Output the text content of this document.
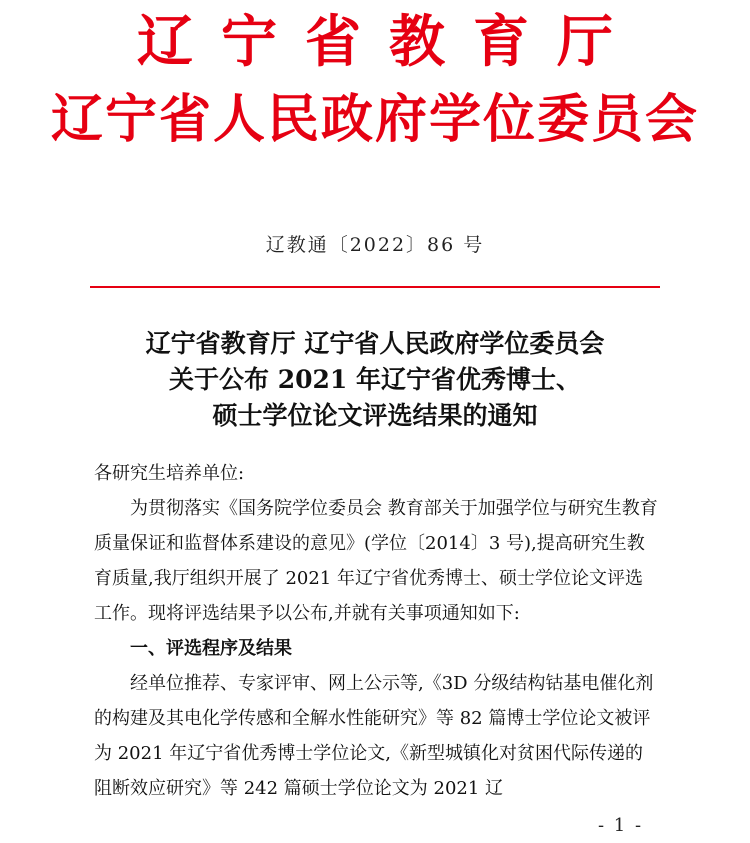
辽宁省教育厅
辽宁省人民政府学位委员会
辽教通〔2022〕86 号
辽宁省教育厅 辽宁省人民政府学位委员会
关于公布 2021 年辽宁省优秀博士、
硕士学位论文评选结果的通知

各研究生培养单位:

为贯彻落实《国务院学位委员会 教育部关于加强学位与研究生教育质量保证和监督体系建设的意见》(学位〔2014〕3 号),提高研究生教育质量,我厅组织开展了 2021 年辽宁省优秀博士、硕士学位论文评选工作。现将评选结果予以公布,并就有关事项通知如下:

一、评选程序及结果

经单位推荐、专家评审、网上公示等,《3D 分级结构钴基电催化剂的构建及其电化学传感和全解水性能研究》等 82 篇博士学位论文被评为 2021 年辽宁省优秀博士学位论文,《新型城镇化对贫困代际传递的阻断效应研究》等 242 篇硕士学位论文为 2021 辽

- 1 -
